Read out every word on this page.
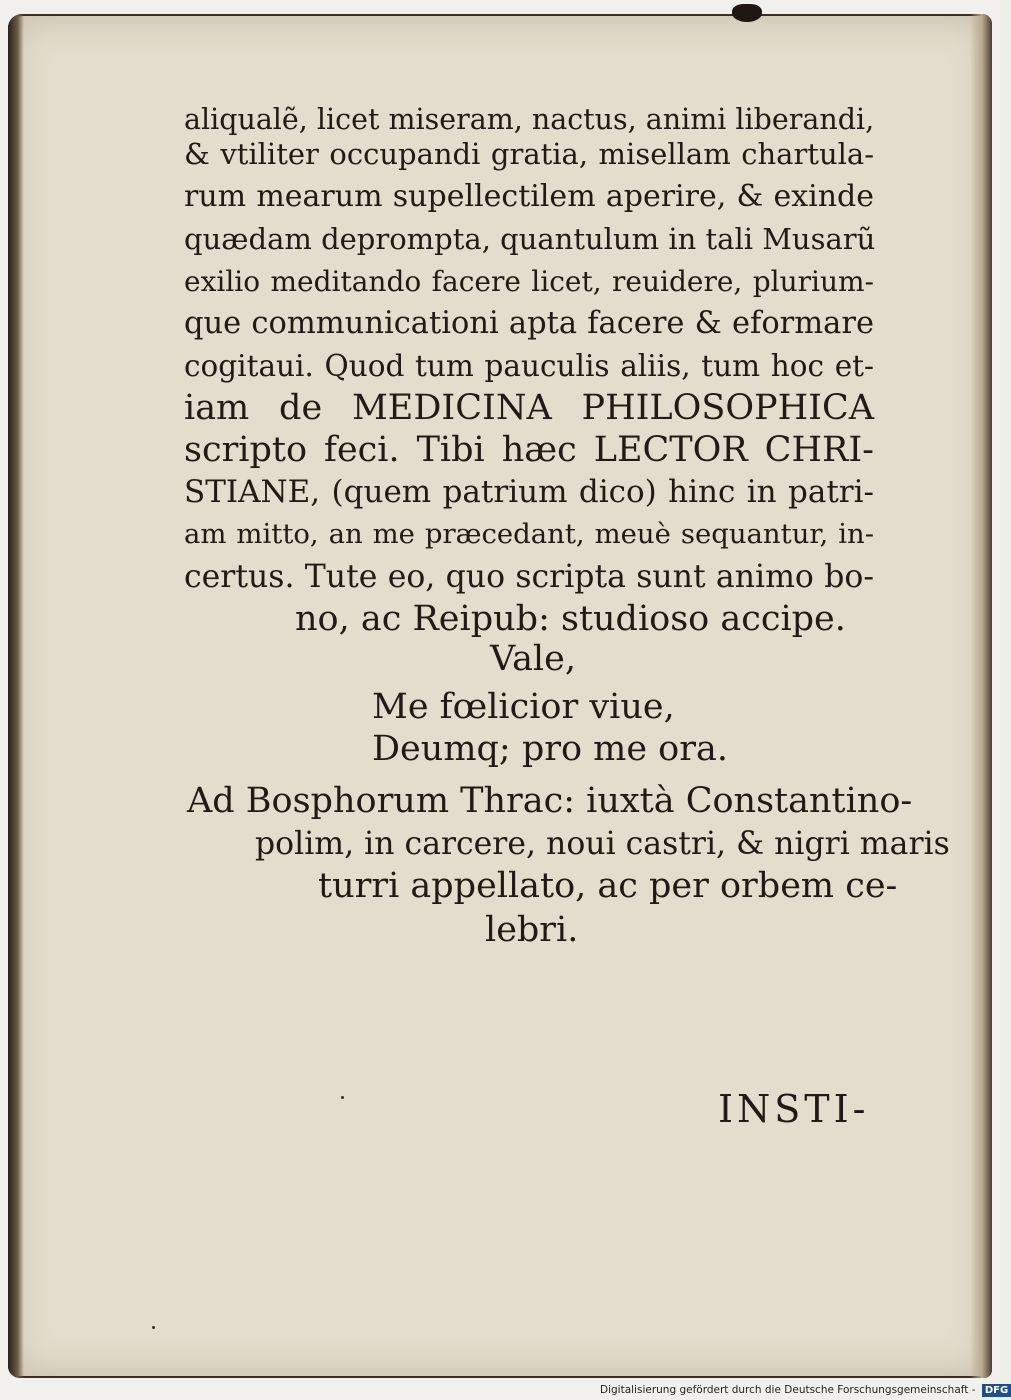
aliqualẽ, licet miseram, nactus, animi liberandi,
& vtiliter occupandi gratia, misellam chartula-
rum mearum supellectilem aperire, & exinde
quædam deprompta, quantulum in tali Musarũ
exilio meditando facere licet, reuidere, plurium-
que communicationi apta facere & eformare
cogitaui. Quod tum pauculis aliis, tum hoc et-
iam de MEDICINA PHILOSOPHICA
scripto feci. Tibi hæc LECTOR CHRI-
STIANE, (quem patrium dico) hinc in patri-
am mitto, an me præcedant, meuè sequantur, in-
certus. Tute eo, quo scripta sunt animo bo-
no, ac Reipub: studioso accipe.
Vale,
Me fœlicior viue,
Deumq; pro me ora.
Ad Bosphorum Thrac: iuxtà Constantino-
polim, in carcere, noui castri, & nigri maris
turri appellato, ac per orbem ce-
lebri.
INSTI-
Digitalisierung gefördert durch die Deutsche Forschungsgemeinschaft - DFG
